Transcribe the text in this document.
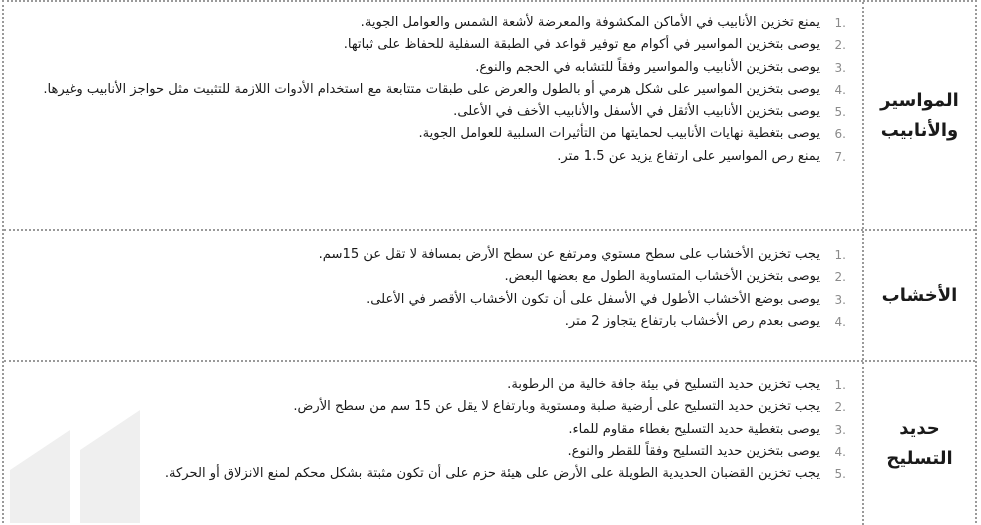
المواسير والأنابيب
1.
يمنع تخزين الأنابيب في الأماكن المكشوفة والمعرضة لأشعة الشمس والعوامل الجوية.
2.
يوصى بتخزين المواسير في أكوام مع توفير قواعد في الطبقة السفلية للحفاظ على ثباتها.
3.
يوصى بتخزين الأنابيب والمواسير وفقاً للتشابه في الحجم والنوع.
4.
يوصى بتخزين المواسير على شكل هرمي أو بالطول والعرض على طبقات متتابعة مع استخدام الأدوات اللازمة للتثبيت مثل حواجز الأنابيب وغيرها.
5.
يوصى بتخزين الأنابيب الأثقل في الأسفل والأنابيب الأخف في الأعلى.
6.
يوصى بتغطية نهايات الأنابيب لحمايتها من التأثيرات السلبية للعوامل الجوية.
7.
يمنع رص المواسير على ارتفاع يزيد عن 1.5 متر.
الأخشاب
1.
يجب تخزين الأخشاب على سطح مستوي ومرتفع عن سطح الأرض بمسافة لا تقل عن 15سم.
2.
يوصى بتخزين الأخشاب المتساوية الطول مع بعضها البعض.
3.
يوصى بوضع الأخشاب الأطول في الأسفل على أن تكون الأخشاب الأقصر في الأعلى.
4.
يوصى بعدم رص الأخشاب بارتفاع يتجاوز 2 متر.
حديد التسليح
1.
يجب تخزين حديد التسليح في بيئة جافة خالية من الرطوبة.
2.
يجب تخزين حديد التسليح على أرضية صلبة ومستوية وبارتفاع لا يقل عن 15 سم من سطح الأرض.
3.
يوصى بتغطية حديد التسليح بغطاء مقاوم للماء.
4.
يوصى بتخزين حديد التسليح وفقاً للقطر والنوع.
5.
يجب تخزين القضبان الحديدية الطويلة على الأرض على هيئة حزم على أن تكون مثبتة بشكل محكم لمنع الانزلاق أو الحركة.
